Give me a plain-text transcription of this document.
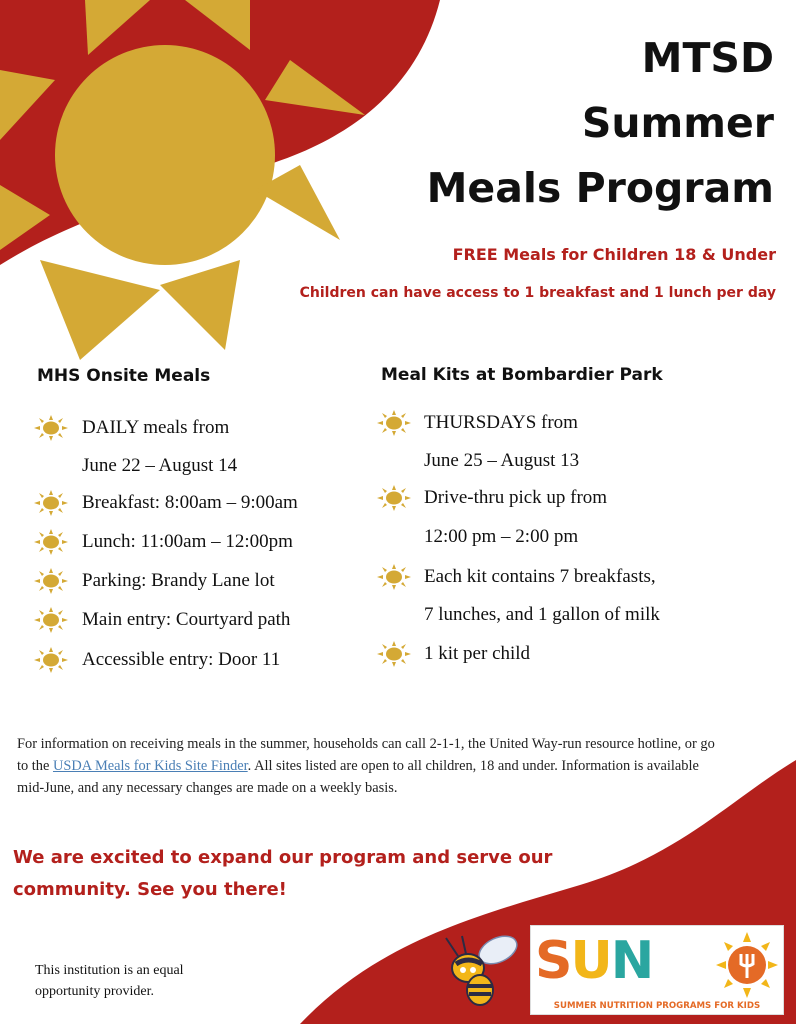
MTSD
Summer
Meals Program
FREE Meals for Children 18 & Under
Children can have access to 1 breakfast and 1 lunch per day
MHS Onsite Meals
DAILY meals from
June 22 – August 14
Breakfast: 8:00am – 9:00am
Lunch: 11:00am – 12:00pm
Parking: Brandy Lane lot
Main entry: Courtyard path
Accessible entry: Door 11
Meal Kits at Bombardier Park
THURSDAYS from
June 25 – August 13
Drive-thru pick up from
12:00 pm – 2:00 pm
Each kit contains 7 breakfasts,
7 lunches, and 1 gallon of milk
1 kit per child
For information on receiving meals in the summer, households can call 2-1-1, the United Way-run resource hotline, or go to the USDA Meals for Kids Site Finder. All sites listed are open to all children, 18 and under. Information is available mid-June, and any necessary changes are made on a weekly basis.
We are excited to expand our program and serve our community. See you there!
This institution is an equal opportunity provider.
SUN
SUMMER NUTRITION PROGRAMS FOR KIDS
